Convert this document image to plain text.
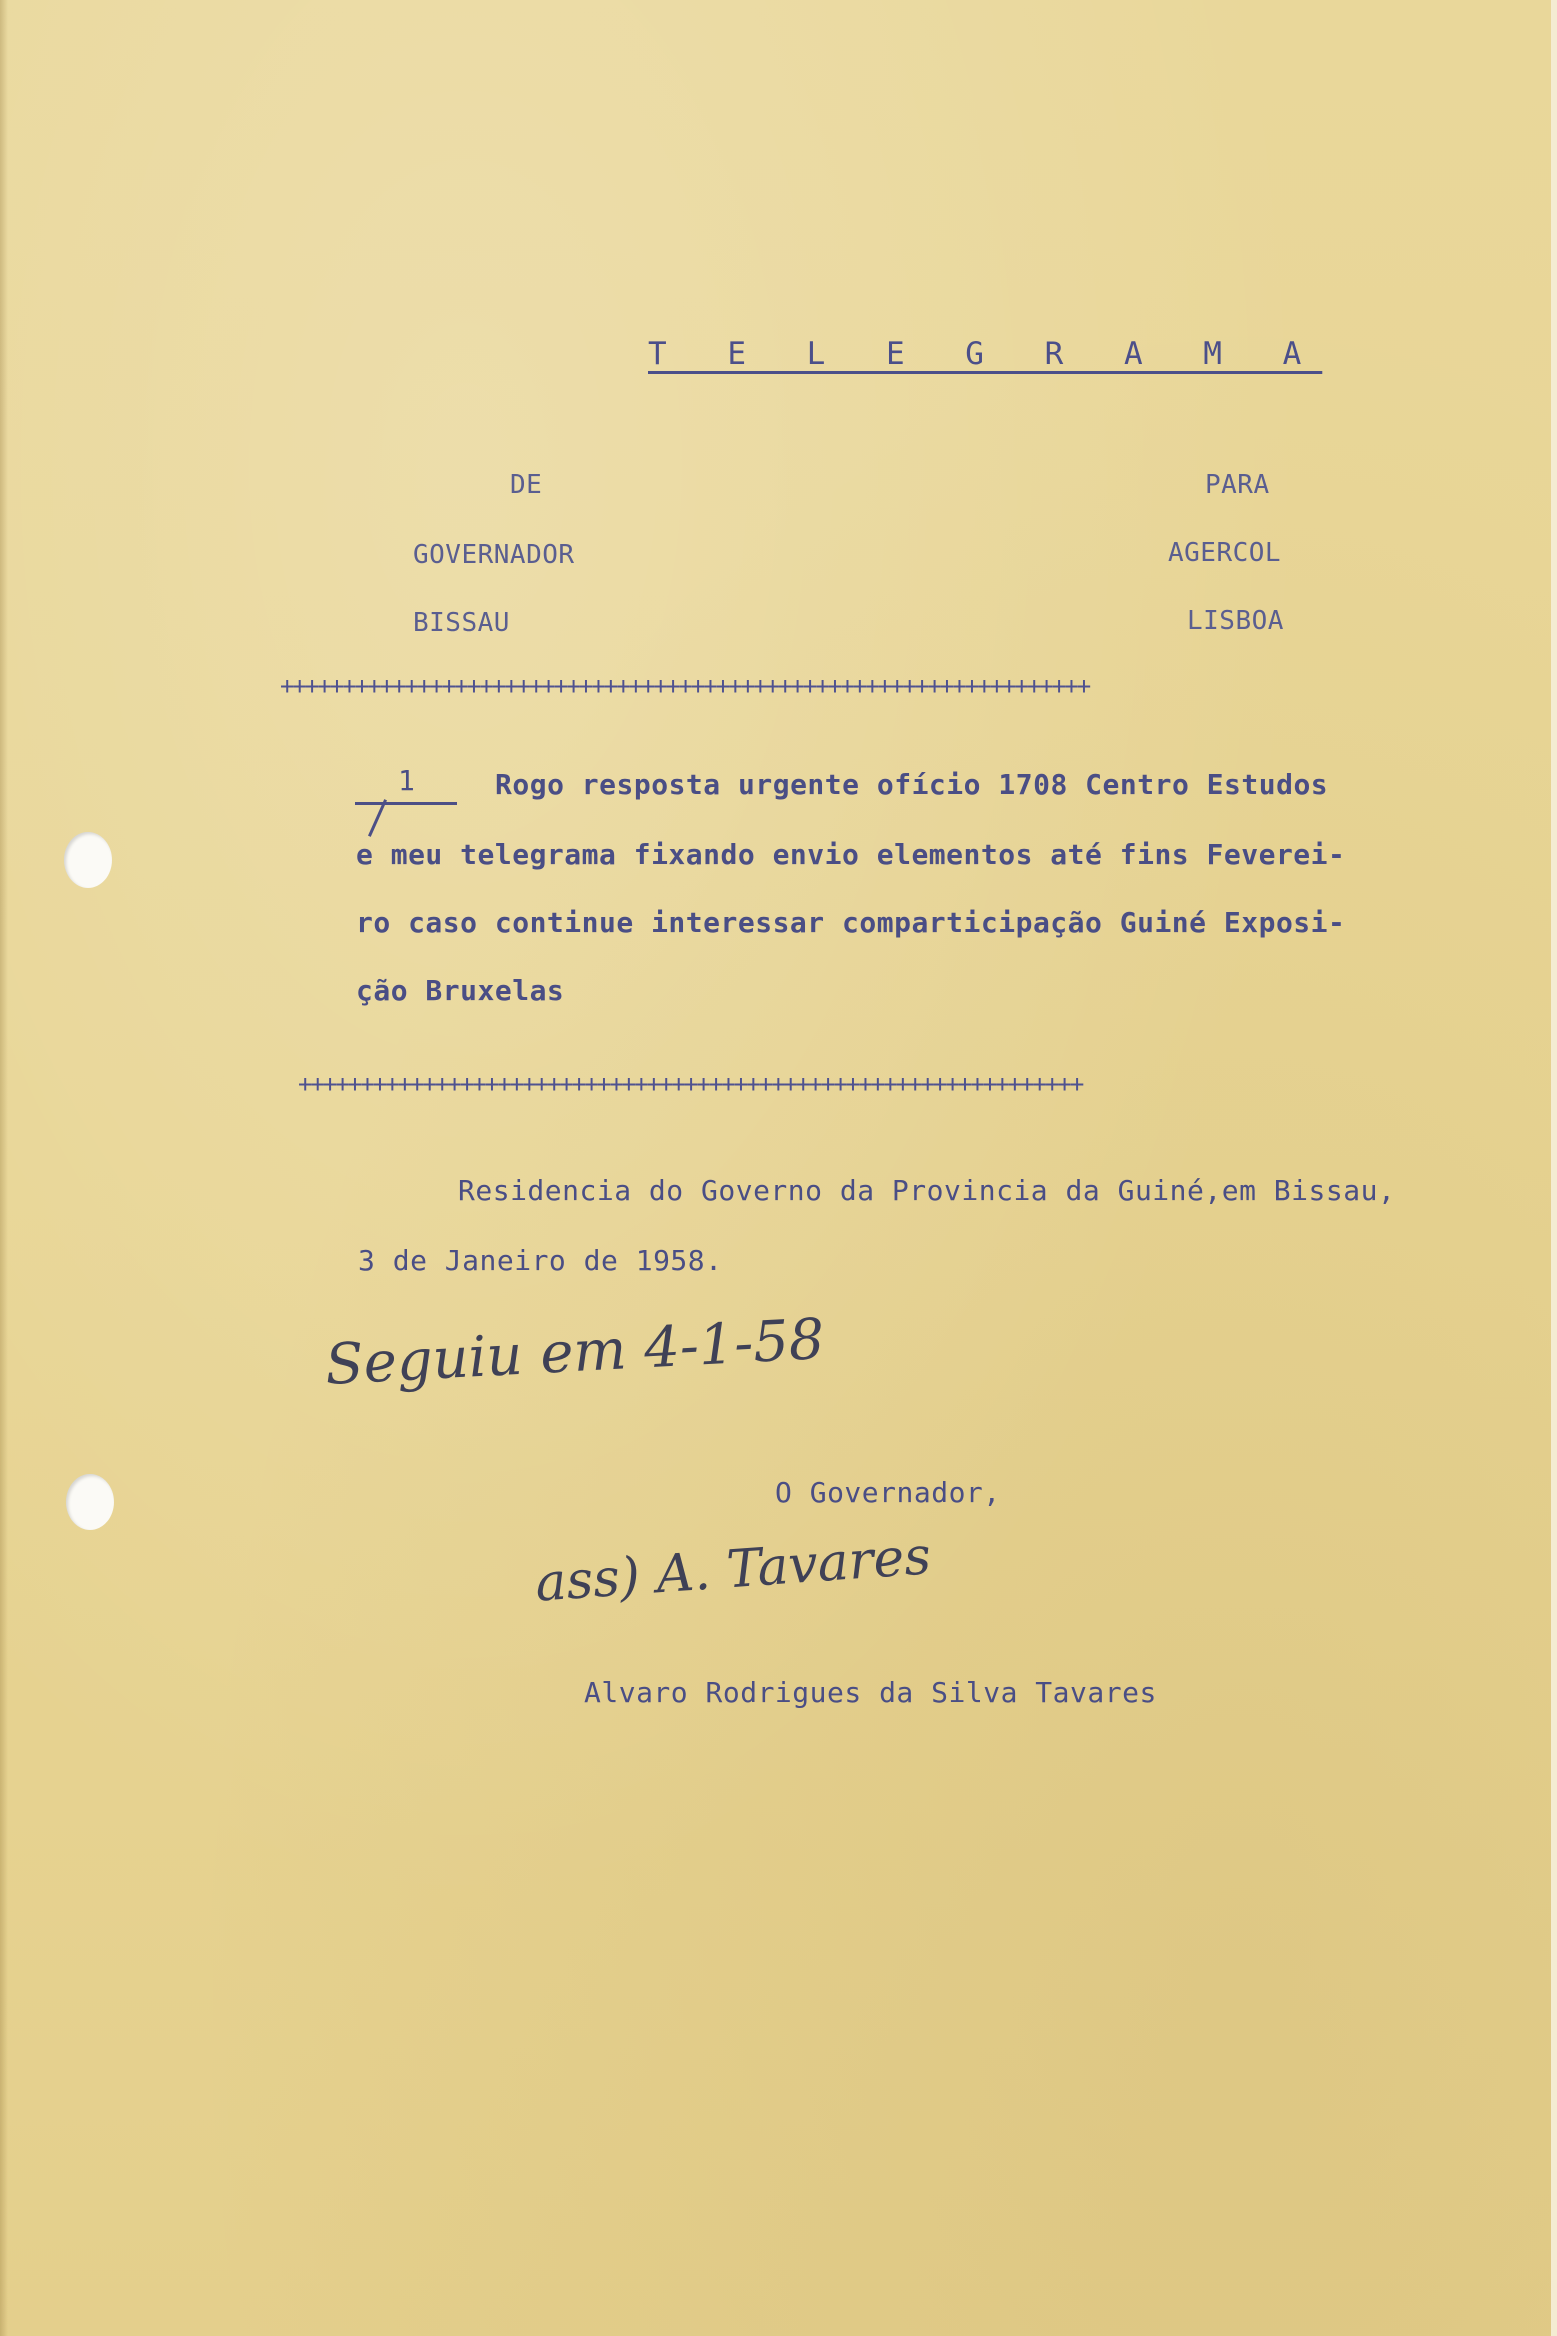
T E L E G R A M A
DE
GOVERNADOR
BISSAU
PARA
AGERCOL
LISBOA
+++++++++++++++++++++++++++++++++++++++++++++++++++++++++++++++++
1	Rogo resposta urgente ofício 1708 Centro Estudos
e meu telegrama fixando envio elementos até fins Feverei-
ro caso continue interessar comparticipação Guiné Exposi-
ção Bruxelas
+++++++++++++++++++++++++++++++++++++++++++++++++++++++++++++++
Residencia do Governo da Provincia da Guiné,em Bissau,
3 de Janeiro de 1958.
Seguiu em 4-1-58
O Governador,
ass) A. Tavares
Alvaro Rodrigues da Silva Tavares
